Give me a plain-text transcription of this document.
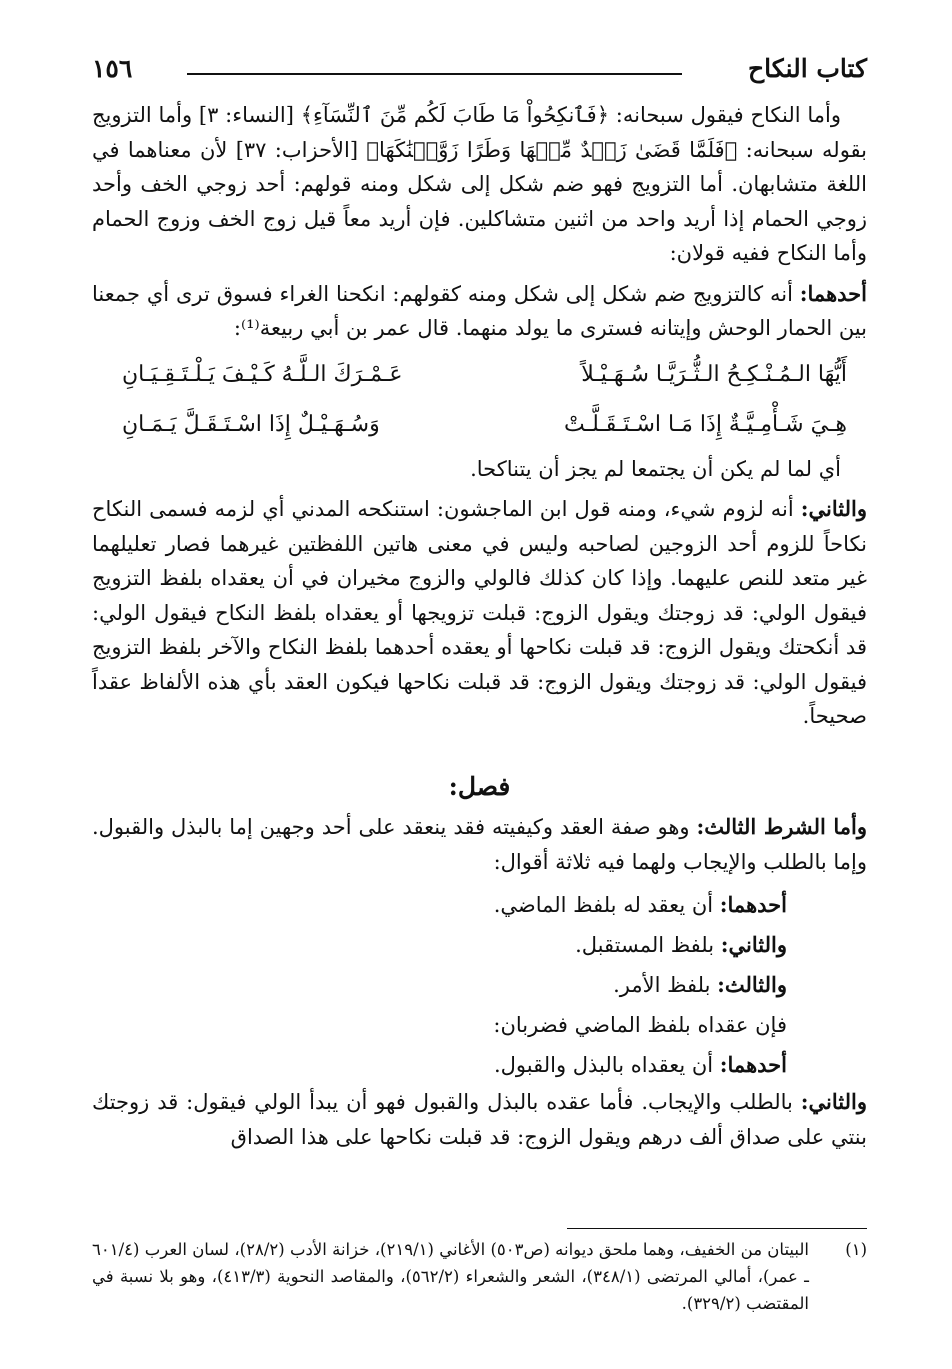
كتاب النكاح
١٥٦

وأما النكاح فيقول سبحانه: ﴿فَٱنكِحُواْ مَا طَابَ لَكُم مِّنَ ٱلنِّسَآءِ﴾ [النساء: ٣] وأما التزويج بقوله سبحانه: ﴿فَلَمَّا قَضَىٰ زَيۡدٌ مِّنۡهَا وَطَرًا زَوَّجۡنَٰكَهَا﴾ [الأحزاب: ٣٧] لأن معناهما في اللغة متشابهان. أما التزويج فهو ضم شكل إلى شكل ومنه قولهم: أحد زوجي الخف وأحد زوجي الحمام إذا أريد واحد من اثنين متشاكلين. فإن أريد معاً قيل زوج الخف وزوج الحمام وأما النكاح ففيه قولان:

أحدهما: أنه كالتزويج ضم شكل إلى شكل ومنه كقولهم: انكحنا الغراء فسوق ترى أي جمعنا بين الحمار الوحش وإيتانه فسترى ما يولد منهما. قال عمر بن أبي ربيعة⁽¹⁾:

أَيُّهَا الـمُـنْـكِـحُ الـثُّـرَيَّـا سُـهَـيْـلاً
عَـمْـرَكَ الـلَّـهُ كَـيْـفَ يَـلْـتَـقِـيَـانِ
هِـيَ شَـأْمِـيَّـةٌ إِذَا مَـا اسْـتَـقَـلَّـتْ
وَسُـهَـيْـلٌ إِذَا اسْـتَـقَـلَّ يَـمَـانِ

أي لما لم يكن أن يجتمعا لم يجز أن يتناكحا.

والثاني: أنه لزوم شيء، ومنه قول ابن الماجشون: استنكحه المدني أي لزمه فسمى النكاح نكاحاً للزوم أحد الزوجين لصاحبه وليس في معنى هاتين اللفظتين غيرهما فصار تعليلهما غير متعد للنص عليهما. وإذا كان كذلك فالولي والزوج مخيران في أن يعقداه بلفظ التزويج فيقول الولي: قد زوجتك ويقول الزوج: قبلت تزويجها أو يعقداه بلفظ النكاح فيقول الولي: قد أنكحتك ويقول الزوج: قد قبلت نكاحها أو يعقده أحدهما بلفظ النكاح والآخر بلفظ التزويج فيقول الولي: قد زوجتك ويقول الزوج: قد قبلت نكاحها فيكون العقد بأي هذه الألفاظ عقداً صحيحاً.

فصل:

وأما الشرط الثالث: وهو صفة العقد وكيفيته فقد ينعقد على أحد وجهين إما بالبذل والقبول. وإما بالطلب والإيجاب ولهما فيه ثلاثة أقوال:

أحدهما: أن يعقد له بلفظ الماضي.
والثاني: بلفظ المستقبل.
والثالث: بلفظ الأمر.
فإن عقداه بلفظ الماضي فضربان:
أحدهما: أن يعقداه بالبذل والقبول.

والثاني: بالطلب والإيجاب. فأما عقده بالبذل والقبول فهو أن يبدأ الولي فيقول: قد زوجتك بنتي على صداق ألف درهم ويقول الزوج: قد قبلت نكاحها على هذا الصداق

(١)
البيتان من الخفيف، وهما ملحق ديوانه (ص٥٠٣) الأغاني (٢١٩/١)، خزانة الأدب (٢٨/٢)، لسان العرب (٦٠١/٤ ـ عمر)، أمالي المرتضى (٣٤٨/١)، الشعر والشعراء (٥٦٢/٢)، والمقاصد النحوية (٤١٣/٣)، وهو بلا نسبة في المقتضب (٣٢٩/٢).
